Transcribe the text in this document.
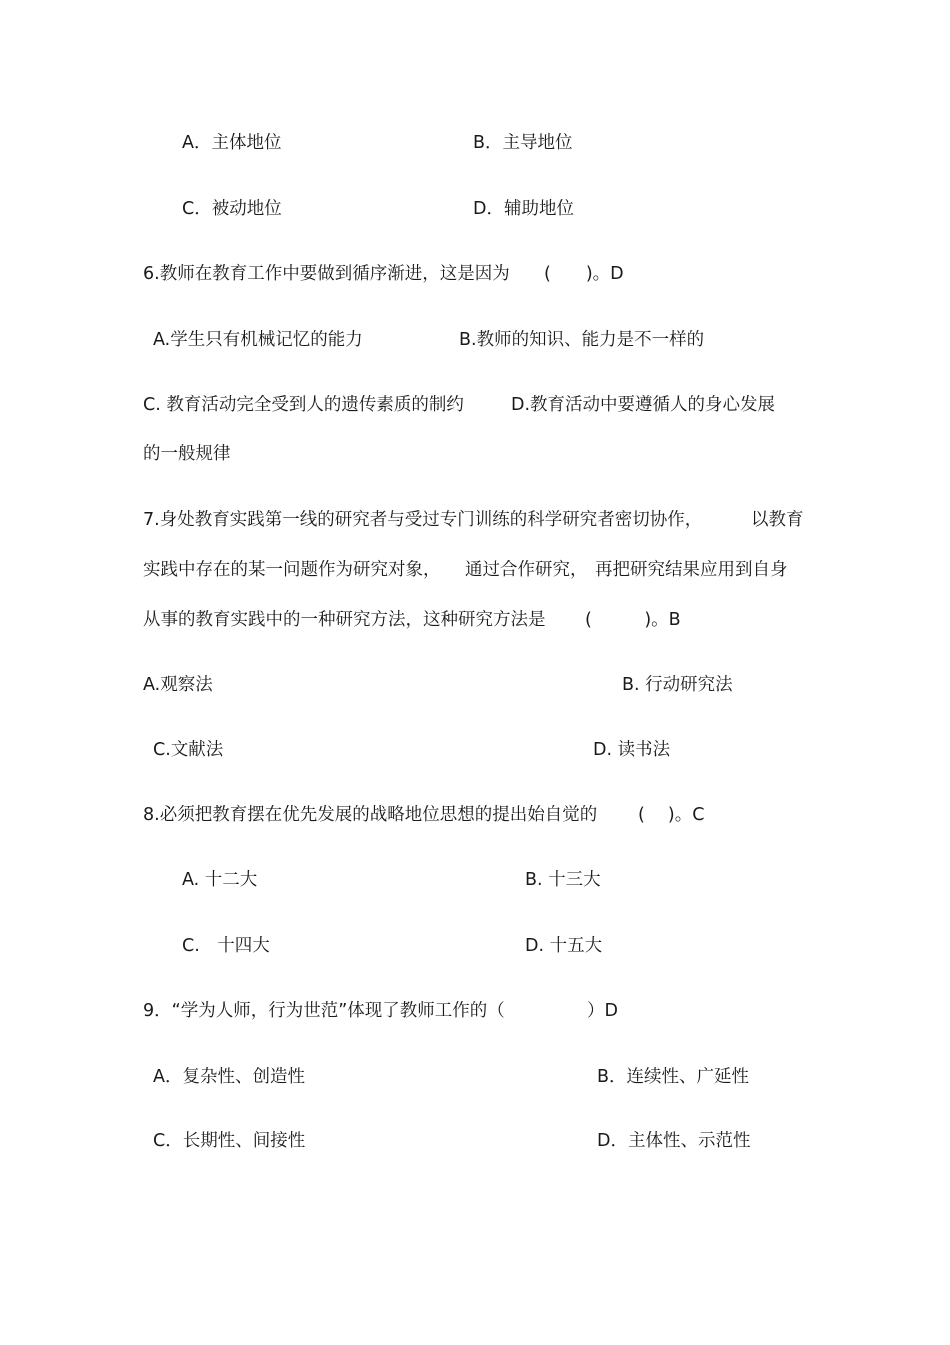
A．主体地位	B．主导地位

C．被动地位	D．辅助地位

6.教师在教育工作中要做到循序渐进，这是因为 (　　)。D

A.学生只有机械记忆的能力	B.教师的知识、能力是不一样的

C. 教育活动完全受到人的遗传素质的制约	D.教育活动中要遵循人的身心发展

的一般规律

7.身处教育实践第一线的研究者与受过专门训练的科学研究者密切协作，	以教育

实践中存在的某一问题作为研究对象， 通过合作研究， 再把研究结果应用到自身

从事的教育实践中的一种研究方法，这种研究方法是 (　　　)。B

A.观察法	B. 行动研究法

C.文献法	D. 读书法

8.必须把教育摆在优先发展的战略地位思想的提出始自觉的 (　 )。C

A. 十二大	B. 十三大

C.　十四大	D. 十五大

9．“学为人师，行为世范”体现了教师工作的（	）D

A．复杂性、创造性	B．连续性、广延性

C．长期性、间接性	D．主体性、示范性
